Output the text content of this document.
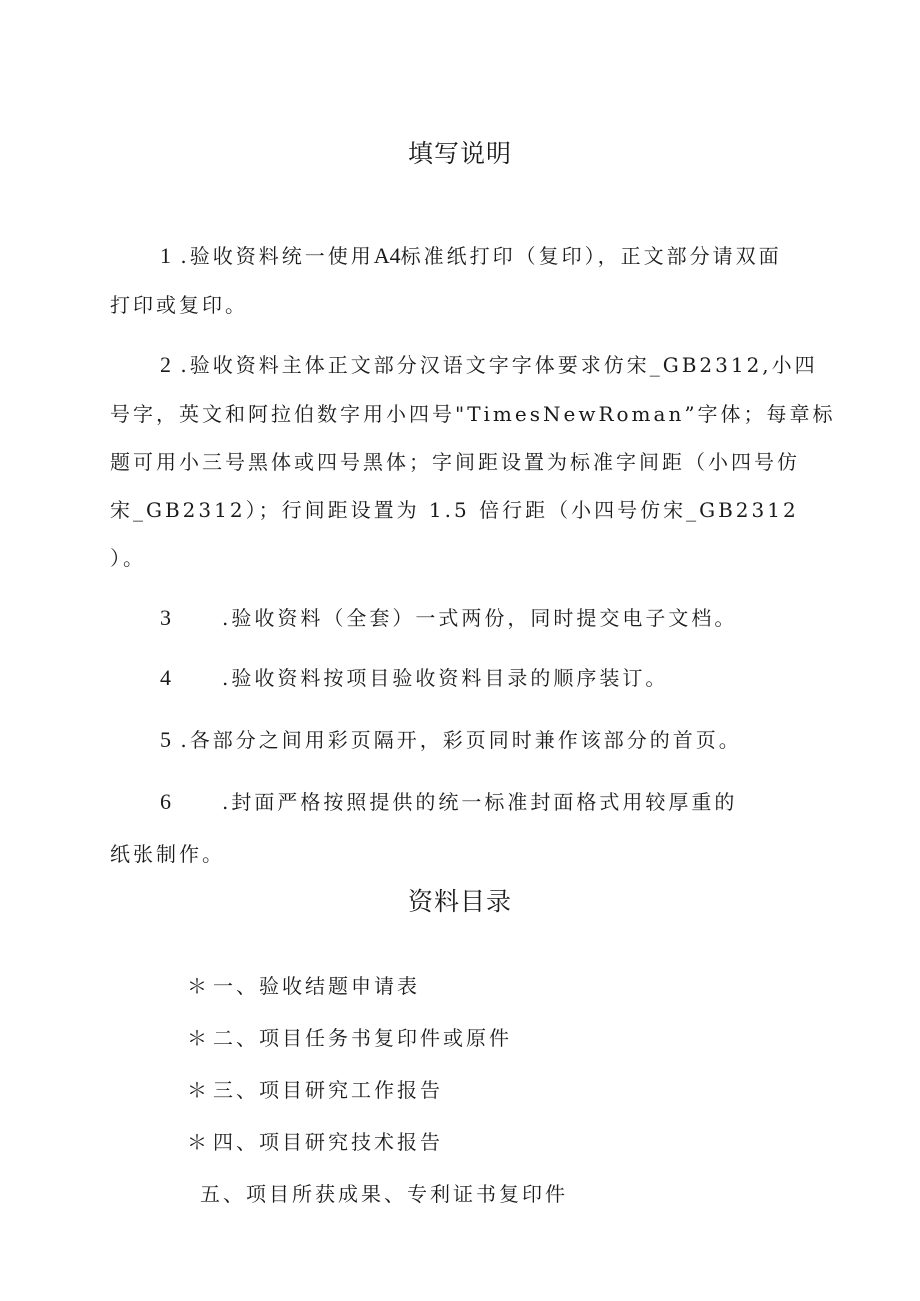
填写说明
1 .验收资料统一使用A4标准纸打印（复印），正文部分请双面
打印或复印。
2 .验收资料主体正文部分汉语文字字体要求仿宋_GB2312,小四
号字，英文和阿拉伯数字用小四号"TimesNewRoman”字体；每章标
题可用小三号黑体或四号黑体；字间距设置为标准字间距（小四号仿
宋_GB2312）；行间距设置为 1.5 倍行距（小四号仿宋_GB2312
）。
3	.验收资料（全套）一式两份，同时提交电子文档。
4	.验收资料按项目验收资料目录的顺序装订。
5 .各部分之间用彩页隔开，彩页同时兼作该部分的首页。
6	.封面严格按照提供的统一标准封面格式用较厚重的
纸张制作。
资料目录
＊ 一、验收结题申请表
＊ 二、项目任务书复印件或原件
＊ 三、项目研究工作报告
＊ 四、项目研究技术报告
五、项目所获成果、专利证书复印件
